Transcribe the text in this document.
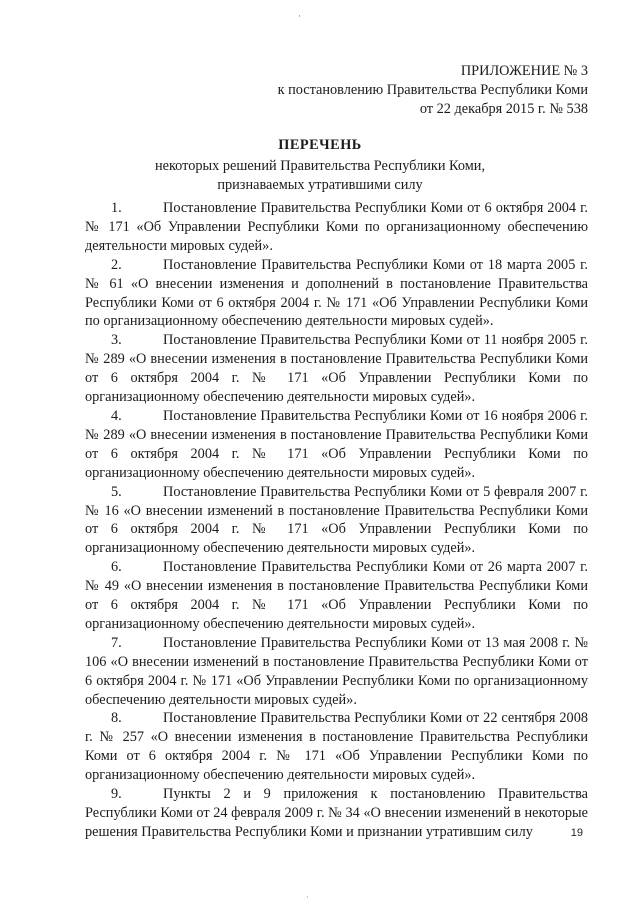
·
ПРИЛОЖЕНИЕ № 3
к постановлению Правительства Республики Коми
от 22 декабря 2015 г. № 538
ПЕРЕЧЕНЬ
некоторых решений Правительства Республики Коми,
признаваемых утратившими силу

1.	Постановление Правительства Республики Коми от 6 октября 2004 г. № 171 «Об Управлении Республики Коми по организационному обеспечению деятельности мировых судей».

2.	Постановление Правительства Республики Коми от 18 марта 2005 г. № 61 «О внесении изменения и дополнений в постановление Правительства Республики Коми от 6 октября 2004 г. № 171 «Об Управлении Республики Коми по организационному обеспечению деятельности мировых судей».

3.	Постановление Правительства Республики Коми от 11 ноября 2005 г. № 289 «О внесении изменения в постановление Правительства Республики Коми от 6 октября 2004 г. № 171 «Об Управлении Республики Коми по организационному обеспечению деятельности мировых судей».

4.	Постановление Правительства Республики Коми от 16 ноября 2006 г. № 289 «О внесении изменения в постановление Правительства Республики Коми от 6 октября 2004 г. № 171 «Об Управлении Республики Коми по организационному обеспечению деятельности мировых судей».

5.	Постановление Правительства Республики Коми от 5 февраля 2007 г. № 16 «О внесении изменений в постановление Правительства Республики Коми от 6 октября 2004 г. № 171 «Об Управлении Республики Коми по организационному обеспечению деятельности мировых судей».

6.	Постановление Правительства Республики Коми от 26 марта 2007 г. № 49 «О внесении изменения в постановление Правительства Республики Коми от 6 октября 2004 г. № 171 «Об Управлении Республики Коми по организационному обеспечению деятельности мировых судей».

7.	Постановление Правительства Республики Коми от 13 мая 2008 г. № 106 «О внесении изменений в постановление Правительства Республики Коми от 6 октября 2004 г. № 171 «Об Управлении Республики Коми по организационному обеспечению деятельности мировых судей».

8.	Постановление Правительства Республики Коми от 22 сентября 2008 г. № 257 «О внесении изменения в постановление Правительства Республики Коми от 6 октября 2004 г. № 171 «Об Управлении Республики Коми по организационному обеспечению деятельности мировых судей».

9.	Пункты 2 и 9 приложения к постановлению Правительства Республики Коми от 24 февраля 2009 г. № 34 «О внесении изменений в некоторые решения Правительства Республики Коми и признании утратившим силу	19
·
